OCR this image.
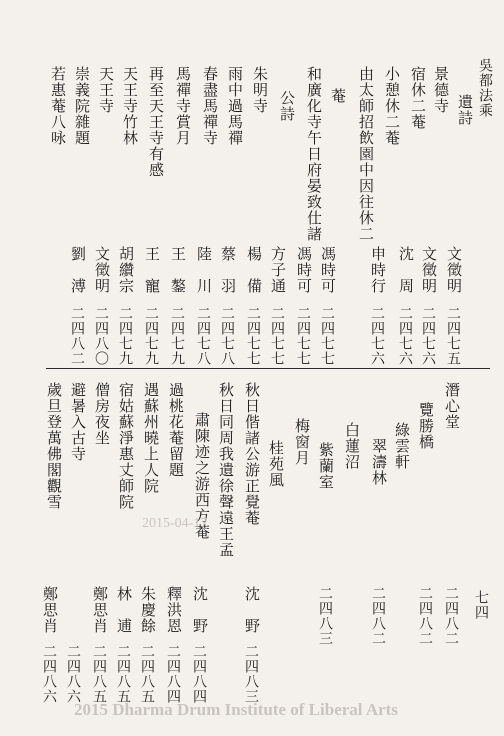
吳都法乘
遺詩
景德寺
文徵明
二四七五
宿休二菴
文徵明
二四七六
小憩休二菴
沈　周
二四七六
由太師招飲園中因往休二
申時行
二四七六
菴
和廣化寺午日府晏致仕諸
馮時可
二四七七
公詩
馮時可
二四七七
朱明寺
方子通
二四七七
雨中過馬禪
楊　備
二四七七
春盡馬禪寺
蔡　羽
二四七八
馬禪寺賞月
陸　川
二四七八
再至天王寺有感
王　鏊
二四七九
天王寺竹林
王　寵
二四七九
天王寺
胡纘宗
二四七九
崇義院雜題
文徵明
二四八〇
若惠菴八咏
劉　溥
二四八二
潛心堂
二四八二
覽勝橋
二四八二
綠雲軒
翠濤林
二四八二
白蓮沼
紫蘭室
二四八三
梅窗月
桂苑風
秋日偕諸公游正覺菴
沈　野
二四八三
秋日同周我遺徐聲遠王孟
肅陳迹之游西方菴
沈　野
二四八四
過桃花菴留題
釋洪恩
二四八四
遇蘇州曉上人院
朱慶餘
二四八五
宿姑蘇淨惠丈師院
林　逋
二四八五
僧房夜坐
鄭思肖
二四八五
避暑入古寺
二四八六
歲旦登萬佛閣觀雪
鄭思肖
二四八六
七四
2015-04-17
2015 Dharma Drum Institute of Liberal Arts
